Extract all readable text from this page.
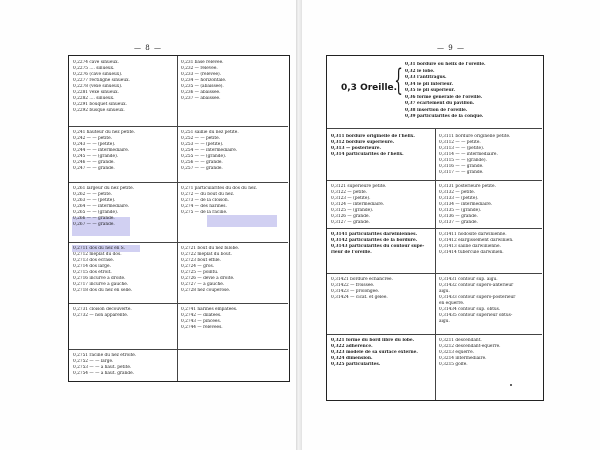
— 8 —	— 9 —
0,2274 cave sinueux.
0,2275 .... sinueux.
0,2276 (cave sinueux).
0,2277 rectiligne sinueux.
0,2278 (vexe sinueux).
0,2281 vexe sinueux.
0,2282 .... sinueux.
0,2291 bouquet sinueux.
0,2292 busqué sinueux.
0,231 base relevée.
0,232 — relevée.
0,233 — (relevée).
0,234 — horizontale.
0,235 — (abaissée).
0,236 — abaissée.
0,237 — abaissée.
0,241 hauteur du nez petite.
0,242 — — petite.
0,243 — — (petite).
0,244 — — intermédiaire.
0,245 — — (grande).
0,246 — — grande.
0,247 — — grande.
0,251 saillie du nez petite.
0,252 — — petite.
0,253 — — (petite).
0,254 — — intermédiaire.
0,255 — — (grande).
0,256 — — grande.
0,257 — — grande.
0,261 largeur du nez petite.
0,262 — — petite.
0,263 — — (petite).
0,264 — — intermédiaire.
0,265 — — (grande).
0,266 — — grande.
0,267 — — grande.
0,271 particularités du dos du nez.
0,272 — du bout du nez.
0,273 — de la cloison.
0,274 — des narines.
0,275 — de la racine.
0,2711 dos du nez en S.
0,2712 méplat du dos.
0,2713 dos écrasé.
0,2714 dos large.
0,2715 dos étroit.
0,2716 incurvé à droite.
0,2717 incurvé à gauche.
0,2718 dos du nez en selle.
0,2721 bout du nez bilobé.
0,2722 méplat du bout.
0,2723 bout effilé.
0,2724 — gros.
0,2725 — pointu.
0,2726 — dévié à droite.
0,2727 — à gauche.
0,2728 nez couperosé.
0,2731 cloison découverte.
0,2732 — non apparente.
0,2741 narines empâtées.
0,2742 — dilatées.
0,2743 — pincées.
0,2744 — relevées.
0,2751 racine du nez étroite.
0,2752 — — large.
0,2753 — — à haut. petite.
0,2754 — — à haut. grande.
0,3 Oreille.
{
0,311 bordure originelle de l'hélix.
0,312 bordure supérieure.
0,313 — postérieure.
0,314 particularités de l'hélix.
0,3111 bordure originelle petite.
0,3112 — — petite.
0,3113 — — (petite).
0,3114 — — intermédiaire.
0,3115 — — (grande).
0,3116 — — grande.
0,3117 — — grande.
0,3121 supérieure petite.
0,3122 — petite.
0,3123 — (petite).
0,3124 — intermédiaire.
0,3125 — (grande).
0,3126 — grande.
0,3127 — grande.
0,3131 postérieure petite.
0,3132 — petite.
0,3133 — (petite).
0,3134 — intermédiaire.
0,3135 — (grande).
0,3136 — grande.
0,3137 — grande.
0,3141 particularités darwiniennes.
0,3142 particularités de la bordure.
0,3143 particularités du contour supé-
rieur de l'oreille.
0,31411 nodosité darwinienne.
0,31412 élargissement darwinien.
0,31413 saillie darwinienne.
0,31414 tubercule darwinien.
0,31421 bordure échancrée.
0,31422 — froissée.
0,31423 — prolongée.
0,31424 — cicat. et gelée.
0,31431 contour sup. aigu.
0,31432 contour supéro-antérieur
aigu.
0,31433 contour supéro-postérieur
en équerre.
0,31434 contour sup. obtus.
0,31435 contour supérieur obtus-
aigu.
0,321 forme du bord libre du lobe.
0,322 adhérence.
0,323 modelé de sa surface externe.
0,324 dimension.
0,325 particularités.
0,3211 descendant.
0,3212 descendant-équerre.
0,3213 équerre.
0,3214 intermédiaire.
0,3215 golfe.
0,31 bordure ou hélix de l'oreille.
0,32 le lobe.
0,33 l'antitragus.
0,34 le pli inférieur.
0,35 le pli supérieur.
0,36 forme générale de l'oreille.
0,37 écartement du pavillon.
0,38 insertion de l'oreille.
0,39 particularités de la conque.
